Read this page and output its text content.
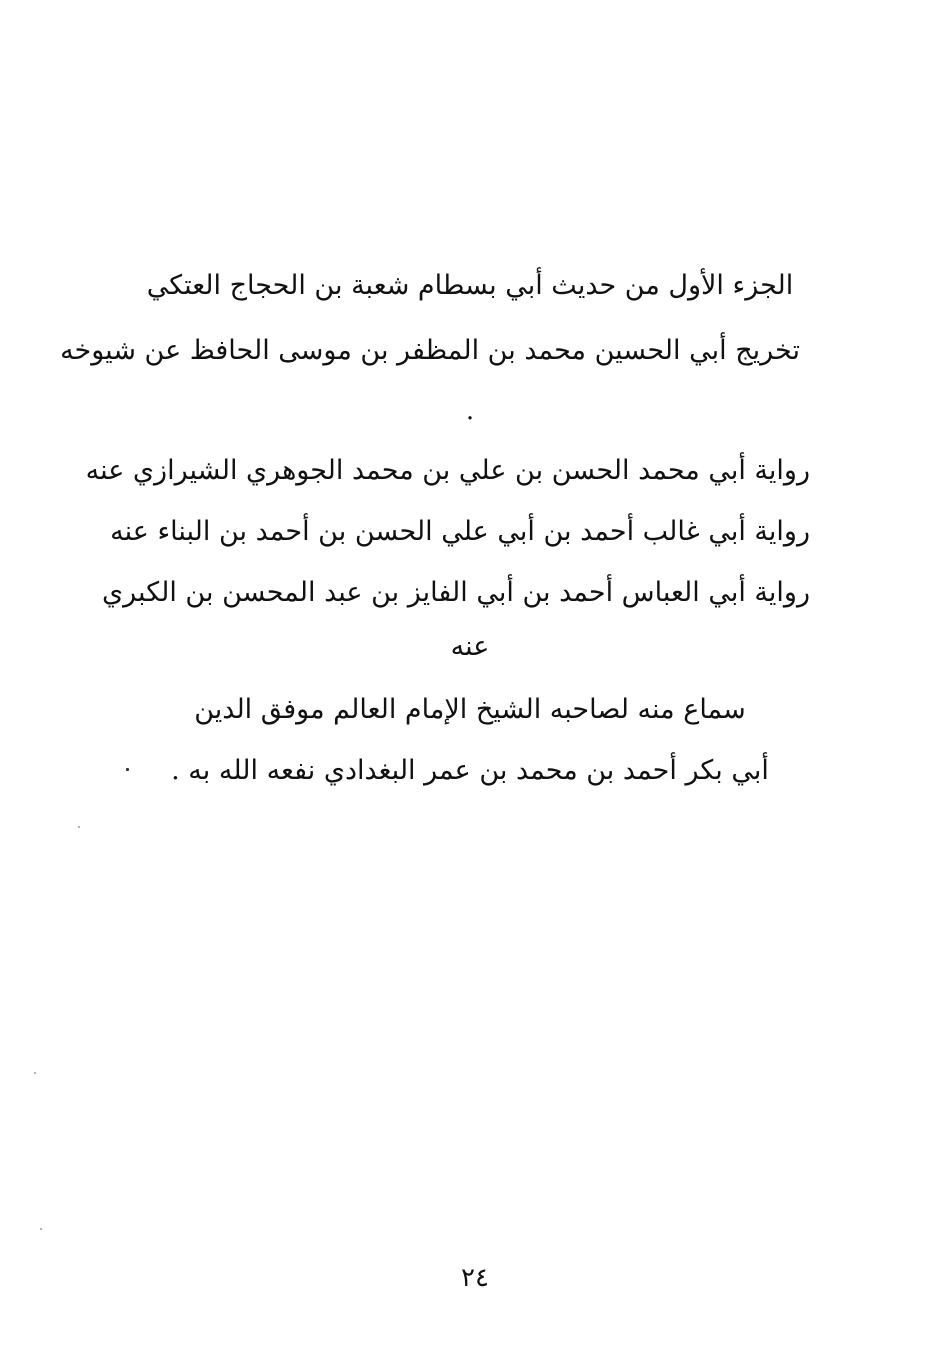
الجزء الأول من حديث أبي بسطام شعبة بن الحجاج العتكي
تخريج أبي الحسين محمد بن المظفر بن موسى الحافظ عن شيوخه
.
رواية أبي محمد الحسن بن علي بن محمد الجوهري الشيرازي عنه
رواية أبي غالب أحمد بن أبي علي الحسن بن أحمد بن البناء عنه
رواية أبي العباس أحمد بن أبي الفايز بن عبد المحسن بن الكبري
عنه
سماع منه لصاحبه الشيخ الإمام العالم موفق الدين
أبي بكر أحمد بن محمد بن عمر البغدادي نفعه الله به .
٢٤
